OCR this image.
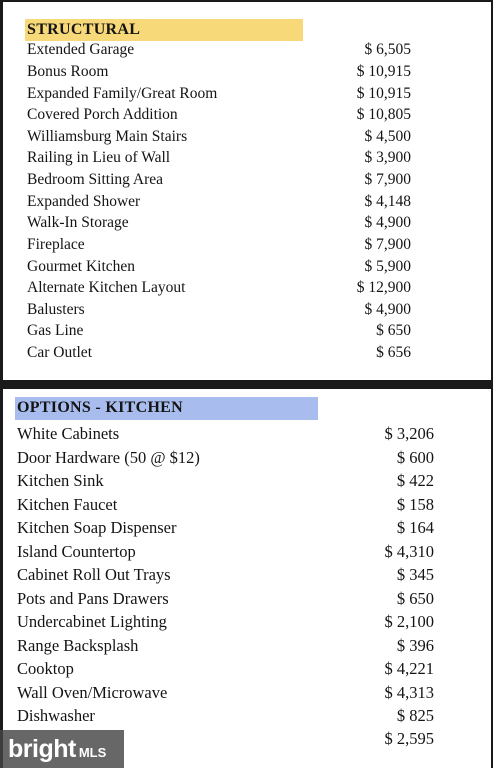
STRUCTURAL
Extended Garage	$ 6,505
Bonus Room	$ 10,915
Expanded Family/Great Room	$ 10,915
Covered Porch Addition	$ 10,805
Williamsburg Main Stairs	$ 4,500
Railing in Lieu of Wall	$ 3,900
Bedroom Sitting Area	$ 7,900
Expanded Shower	$ 4,148
Walk-In Storage	$ 4,900
Fireplace	$ 7,900
Gourmet Kitchen	$ 5,900
Alternate Kitchen Layout	$ 12,900
Balusters	$ 4,900
Gas Line	$ 650
Car Outlet	$ 656
OPTIONS - KITCHEN
White Cabinets	$ 3,206
Door Hardware (50 @ $12)	$ 600
Kitchen Sink	$ 422
Kitchen Faucet	$ 158
Kitchen Soap Dispenser	$ 164
Island Countertop	$ 4,310
Cabinet Roll Out Trays	$ 345
Pots and Pans Drawers	$ 650
Undercabinet Lighting	$ 2,100
Range Backsplash	$ 396
Cooktop	$ 4,221
Wall Oven/Microwave	$ 4,313
Dishwasher	$ 825
$ 2,595
bright MLS
